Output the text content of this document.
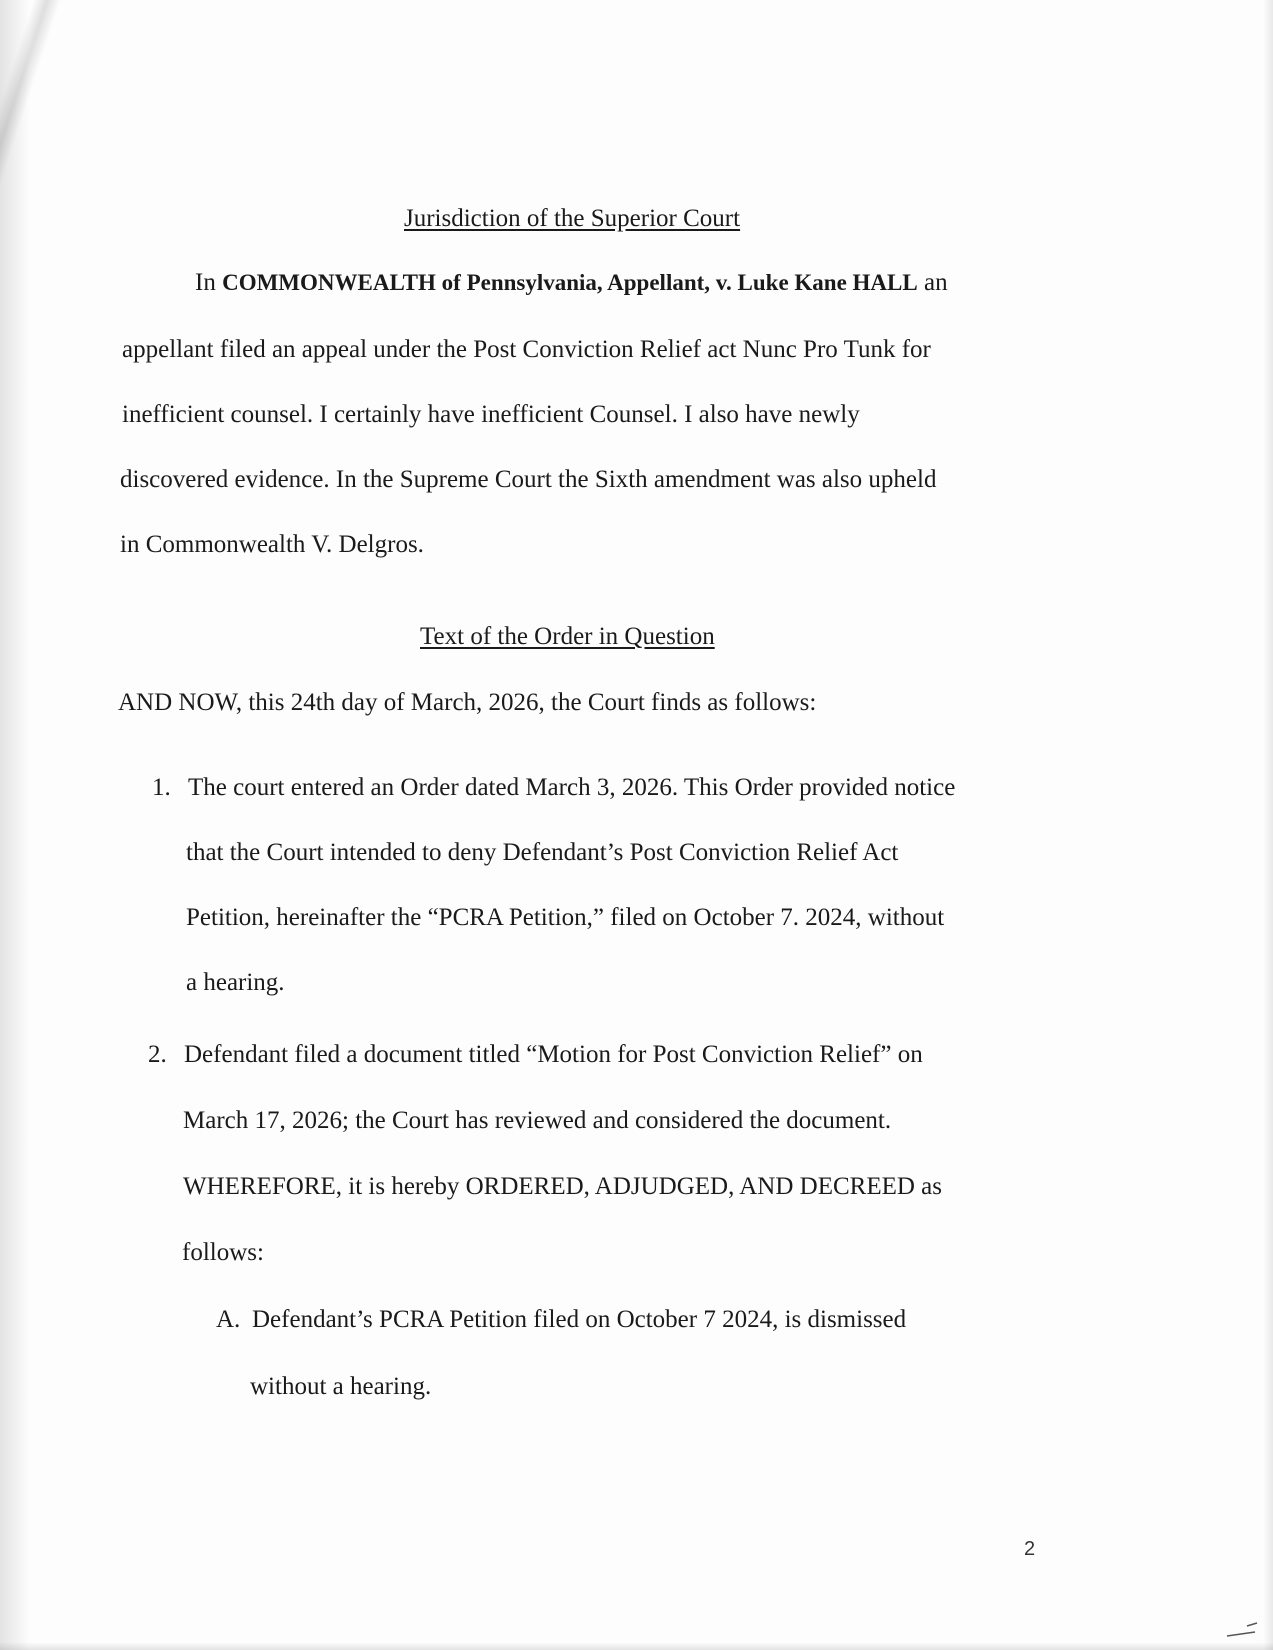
Jurisdiction of the Superior Court
In COMMONWEALTH of Pennsylvania, Appellant, v. Luke Kane HALL an
appellant filed an appeal under the Post Conviction Relief act Nunc Pro Tunk for
inefficient counsel. I certainly have inefficient Counsel. I also have newly
discovered evidence. In the Supreme Court the Sixth amendment was also upheld
in Commonwealth V. Delgros.
Text of the Order in Question
AND NOW, this 24th day of March, 2026, the Court finds as follows:
1. The court entered an Order dated March 3, 2026. This Order provided notice
that the Court intended to deny Defendant’s Post Conviction Relief Act
Petition, hereinafter the “PCRA Petition,” filed on October 7. 2024, without
a hearing.
2. Defendant filed a document titled “Motion for Post Conviction Relief” on
March 17, 2026; the Court has reviewed and considered the document.
WHEREFORE, it is hereby ORDERED, ADJUDGED, AND DECREED as
follows:
A. Defendant’s PCRA Petition filed on October 7 2024, is dismissed
without a hearing.
2
